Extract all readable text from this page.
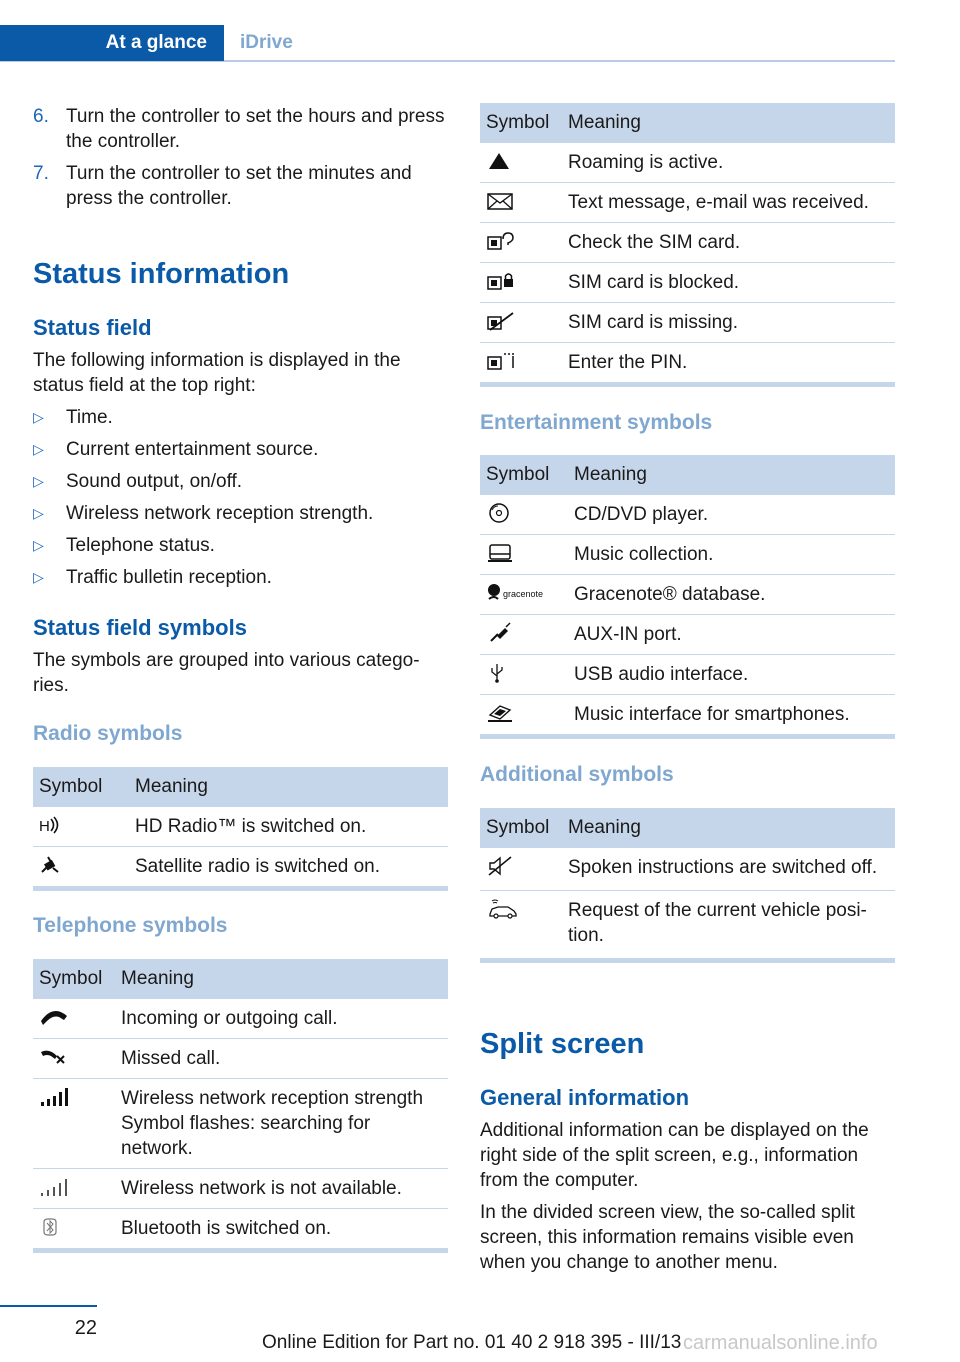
At a glance	iDrive
6. Turn the controller to set the hours and press the controller.
7. Turn the controller to set the minutes and press the controller.
Status information
Status field
The following information is displayed in the status field at the top right:
▷	Time.
▷	Current entertainment source.
▷	Sound output, on/off.
▷	Wireless network reception strength.
▷	Telephone status.
▷	Traffic bulletin reception.
Status field symbols
The symbols are grouped into various catego‐ries.
Radio symbols
Symbol	Meaning

H	HD Radio™ is switched on.

	Satellite radio is switched on.
Telephone symbols
Symbol	Meaning

	Incoming or outgoing call.

	Missed call.

	Wireless network reception strength Symbol flashes: searching for network.

	Wireless network is not available.

	Bluetooth is switched on.
Symbol	Meaning

	Roaming is active.

	Text message, e-mail was received.

	Check the SIM card.

	SIM card is blocked.

	SIM card is missing.

	Enter the PIN.
Entertainment symbols
Symbol	Meaning

	CD/DVD player.

	Music collection.

gracenote	Gracenote® database.

	AUX-IN port.

	USB audio interface.

	Music interface for smartphones.
Additional symbols
Symbol	Meaning

	Spoken instructions are switched off.

	Request of the current vehicle posi‐tion.
Split screen
General information
Additional information can be displayed on the right side of the split screen, e.g., information from the computer.
In the divided screen view, the so-called split screen, this information remains visible even when you change to another menu.
22
Online Edition for Part no. 01 40 2 918 395 - III/13 carmanualsonline.info
